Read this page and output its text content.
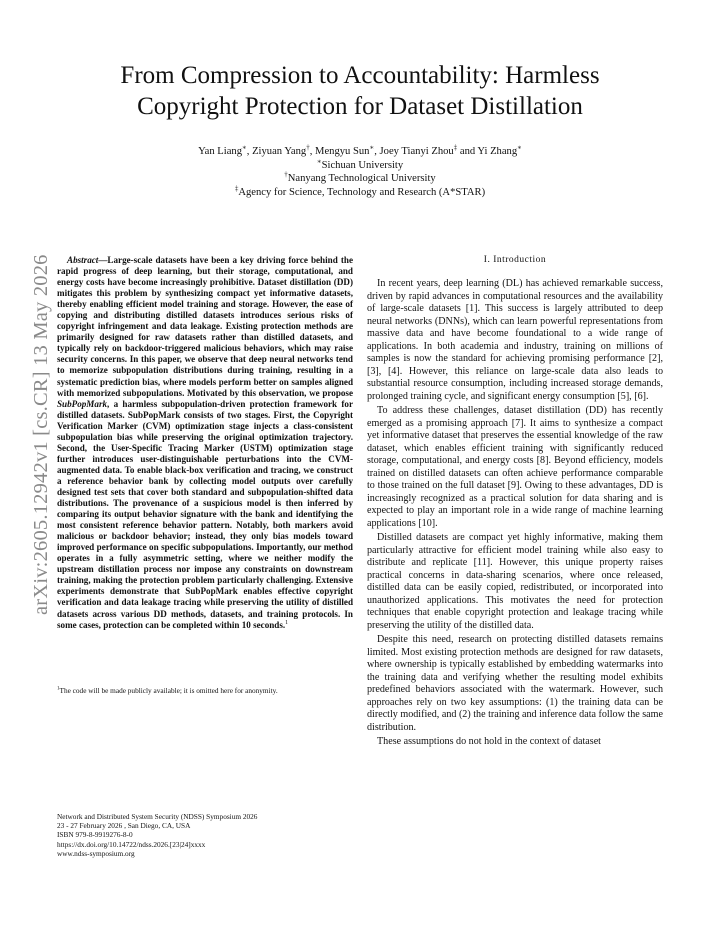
arXiv:2605.12942v1 [cs.CR] 13 May 2026
From Compression to Accountability: Harmless
Copyright Protection for Dataset Distillation
Yan Liang∗, Ziyuan Yang†, Mengyu Sun∗, Joey Tianyi Zhou‡ and Yi Zhang∗
∗Sichuan University
†Nanyang Technological University
‡Agency for Science, Technology and Research (A*STAR)

Abstract—Large-scale datasets have been a key driving force behind the rapid progress of deep learning, but their storage, computational, and energy costs have become increasingly prohibitive. Dataset distillation (DD) mitigates this problem by synthesizing compact yet informative datasets, thereby enabling efficient model training and storage. However, the ease of copying and distributing distilled datasets introduces serious risks of copyright infringement and data leakage. Existing protection methods are primarily designed for raw datasets rather than distilled datasets, and typically rely on backdoor-triggered malicious behaviors, which may raise security concerns. In this paper, we observe that deep neural networks tend to memorize subpopulation distributions during training, resulting in a systematic prediction bias, where models perform better on samples aligned with memorized subpopulations. Motivated by this observation, we propose SubPopMark, a harmless subpopulation-driven protection framework for distilled datasets. SubPopMark consists of two stages. First, the Copyright Verification Marker (CVM) optimization stage injects a class-consistent subpopulation bias while preserving the original optimization trajectory. Second, the User-Specific Tracing Marker (USTM) optimization stage further introduces user-distinguishable perturbations into the CVM-augmented data. To enable black-box verification and tracing, we construct a reference behavior bank by collecting model outputs over carefully designed test sets that cover both standard and subpopulation-shifted data distributions. The provenance of a suspicious model is then inferred by comparing its output behavior signature with the bank and identifying the most consistent reference behavior pattern. Notably, both markers avoid malicious or backdoor behavior; instead, they only bias models toward improved performance on specific subpopulations. Importantly, our method operates in a fully asymmetric setting, where we neither modify the upstream distillation process nor impose any constraints on downstream training, making the protection problem particularly challenging. Extensive experiments demonstrate that SubPopMark enables effective copyright verification and data leakage tracing while preserving the utility of distilled datasets across various DD methods, datasets, and training protocols. In some cases, protection can be completed within 10 seconds.$^1$

$^1$The code will be made publicly available; it is omitted here for anonymity.
Network and Distributed System Security (NDSS) Symposium 2026
23 - 27 February 2026 , San Diego, CA, USA
ISBN 979-8-9919276-8-0
https://dx.doi.org/10.14722/ndss.2026.[23|24]xxxx
www.ndss-symposium.org
I. Introduction

In recent years, deep learning (DL) has achieved remarkable success, driven by rapid advances in computational resources and the availability of large-scale datasets [1]. This success is largely attributed to deep neural networks (DNNs), which can learn powerful representations from massive data and have become foundational to a wide range of applications. In both academia and industry, training on millions of samples is now the standard for achieving promising performance [2], [3], [4]. However, this reliance on large-scale data also leads to substantial resource consumption, including increased storage demands, prolonged training cycle, and significant energy consumption [5], [6].

To address these challenges, dataset distillation (DD) has recently emerged as a promising approach [7]. It aims to synthesize a compact yet informative dataset that preserves the essential knowledge of the raw dataset, which enables efficient training with significantly reduced storage, computational, and energy costs [8]. Beyond efficiency, models trained on distilled datasets can often achieve performance comparable to those trained on the full dataset [9]. Owing to these advantages, DD is increasingly recognized as a practical solution for data sharing and is expected to play an important role in a wide range of machine learning applications [10].

Distilled datasets are compact yet highly informative, making them particularly attractive for efficient model training while also easy to distribute and replicate [11]. However, this unique property raises practical concerns in data-sharing scenarios, where once released, distilled data can be easily copied, redistributed, or incorporated into unauthorized applications. This motivates the need for protection techniques that enable copyright protection and leakage tracing while preserving the utility of the distilled data.

Despite this need, research on protecting distilled datasets remains limited. Most existing protection methods are designed for raw datasets, where ownership is typically established by embedding watermarks into the training data and verifying whether the resulting model exhibits predefined behaviors associated with the watermark. However, such approaches rely on two key assumptions: (1) the training data can be directly modified, and (2) the training and inference data follow the same distribution.

These assumptions do not hold in the context of dataset
